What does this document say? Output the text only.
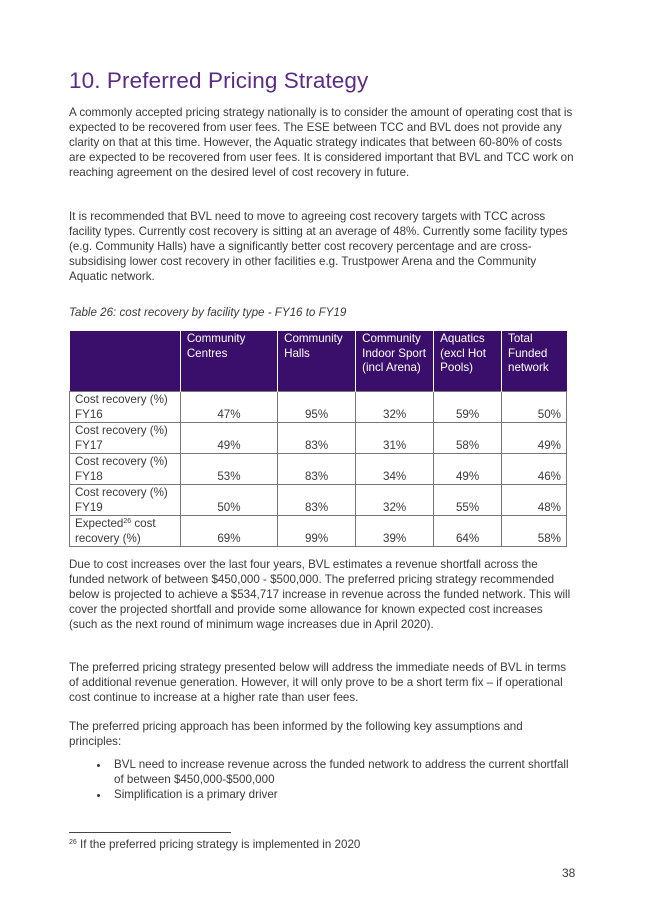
10. Preferred Pricing Strategy

A commonly accepted pricing strategy nationally is to consider the amount of operating cost that is expected to be recovered from user fees. The ESE between TCC and BVL does not provide any clarity on that at this time. However, the Aquatic strategy indicates that between 60-80% of costs are expected to be recovered from user fees. It is considered important that BVL and TCC work on reaching agreement on the desired level of cost recovery in future.

It is recommended that BVL need to move to agreeing cost recovery targets with TCC across facility types. Currently cost recovery is sitting at an average of 48%. Currently some facility types (e.g. Community Halls) have a significantly better cost recovery percentage and are cross-subsidising lower cost recovery in other facilities e.g. Trustpower Arena and the Community Aquatic network.

Table 26: cost recovery by facility type - FY16 to FY19

	Community Centres	Community Halls	Community Indoor Sport (incl Arena)	Aquatics (excl Hot Pools)	Total Funded network
Cost recovery (%) FY16	47%	95%	32%	59%	50%
Cost recovery (%) FY17	49%	83%	31%	58%	49%
Cost recovery (%) FY18	53%	83%	34%	49%	46%
Cost recovery (%) FY19	50%	83%	32%	55%	48%
Expected$^{26}$ cost recovery (%)	69%	99%	39%	64%	58%

Due to cost increases over the last four years, BVL estimates a revenue shortfall across the funded network of between $450,000 - $500,000. The preferred pricing strategy recommended below is projected to achieve a $534,717 increase in revenue across the funded network. This will cover the projected shortfall and provide some allowance for known expected cost increases (such as the next round of minimum wage increases due in April 2020).

The preferred pricing strategy presented below will address the immediate needs of BVL in terms of additional revenue generation. However, it will only prove to be a short term fix – if operational cost continue to increase at a higher rate than user fees.

The preferred pricing approach has been informed by the following key assumptions and principles:

• BVL need to increase revenue across the funded network to address the current shortfall of between $450,000-$500,000
• Simplification is a primary driver
$^{26}$ If the preferred pricing strategy is implemented in 2020
38
